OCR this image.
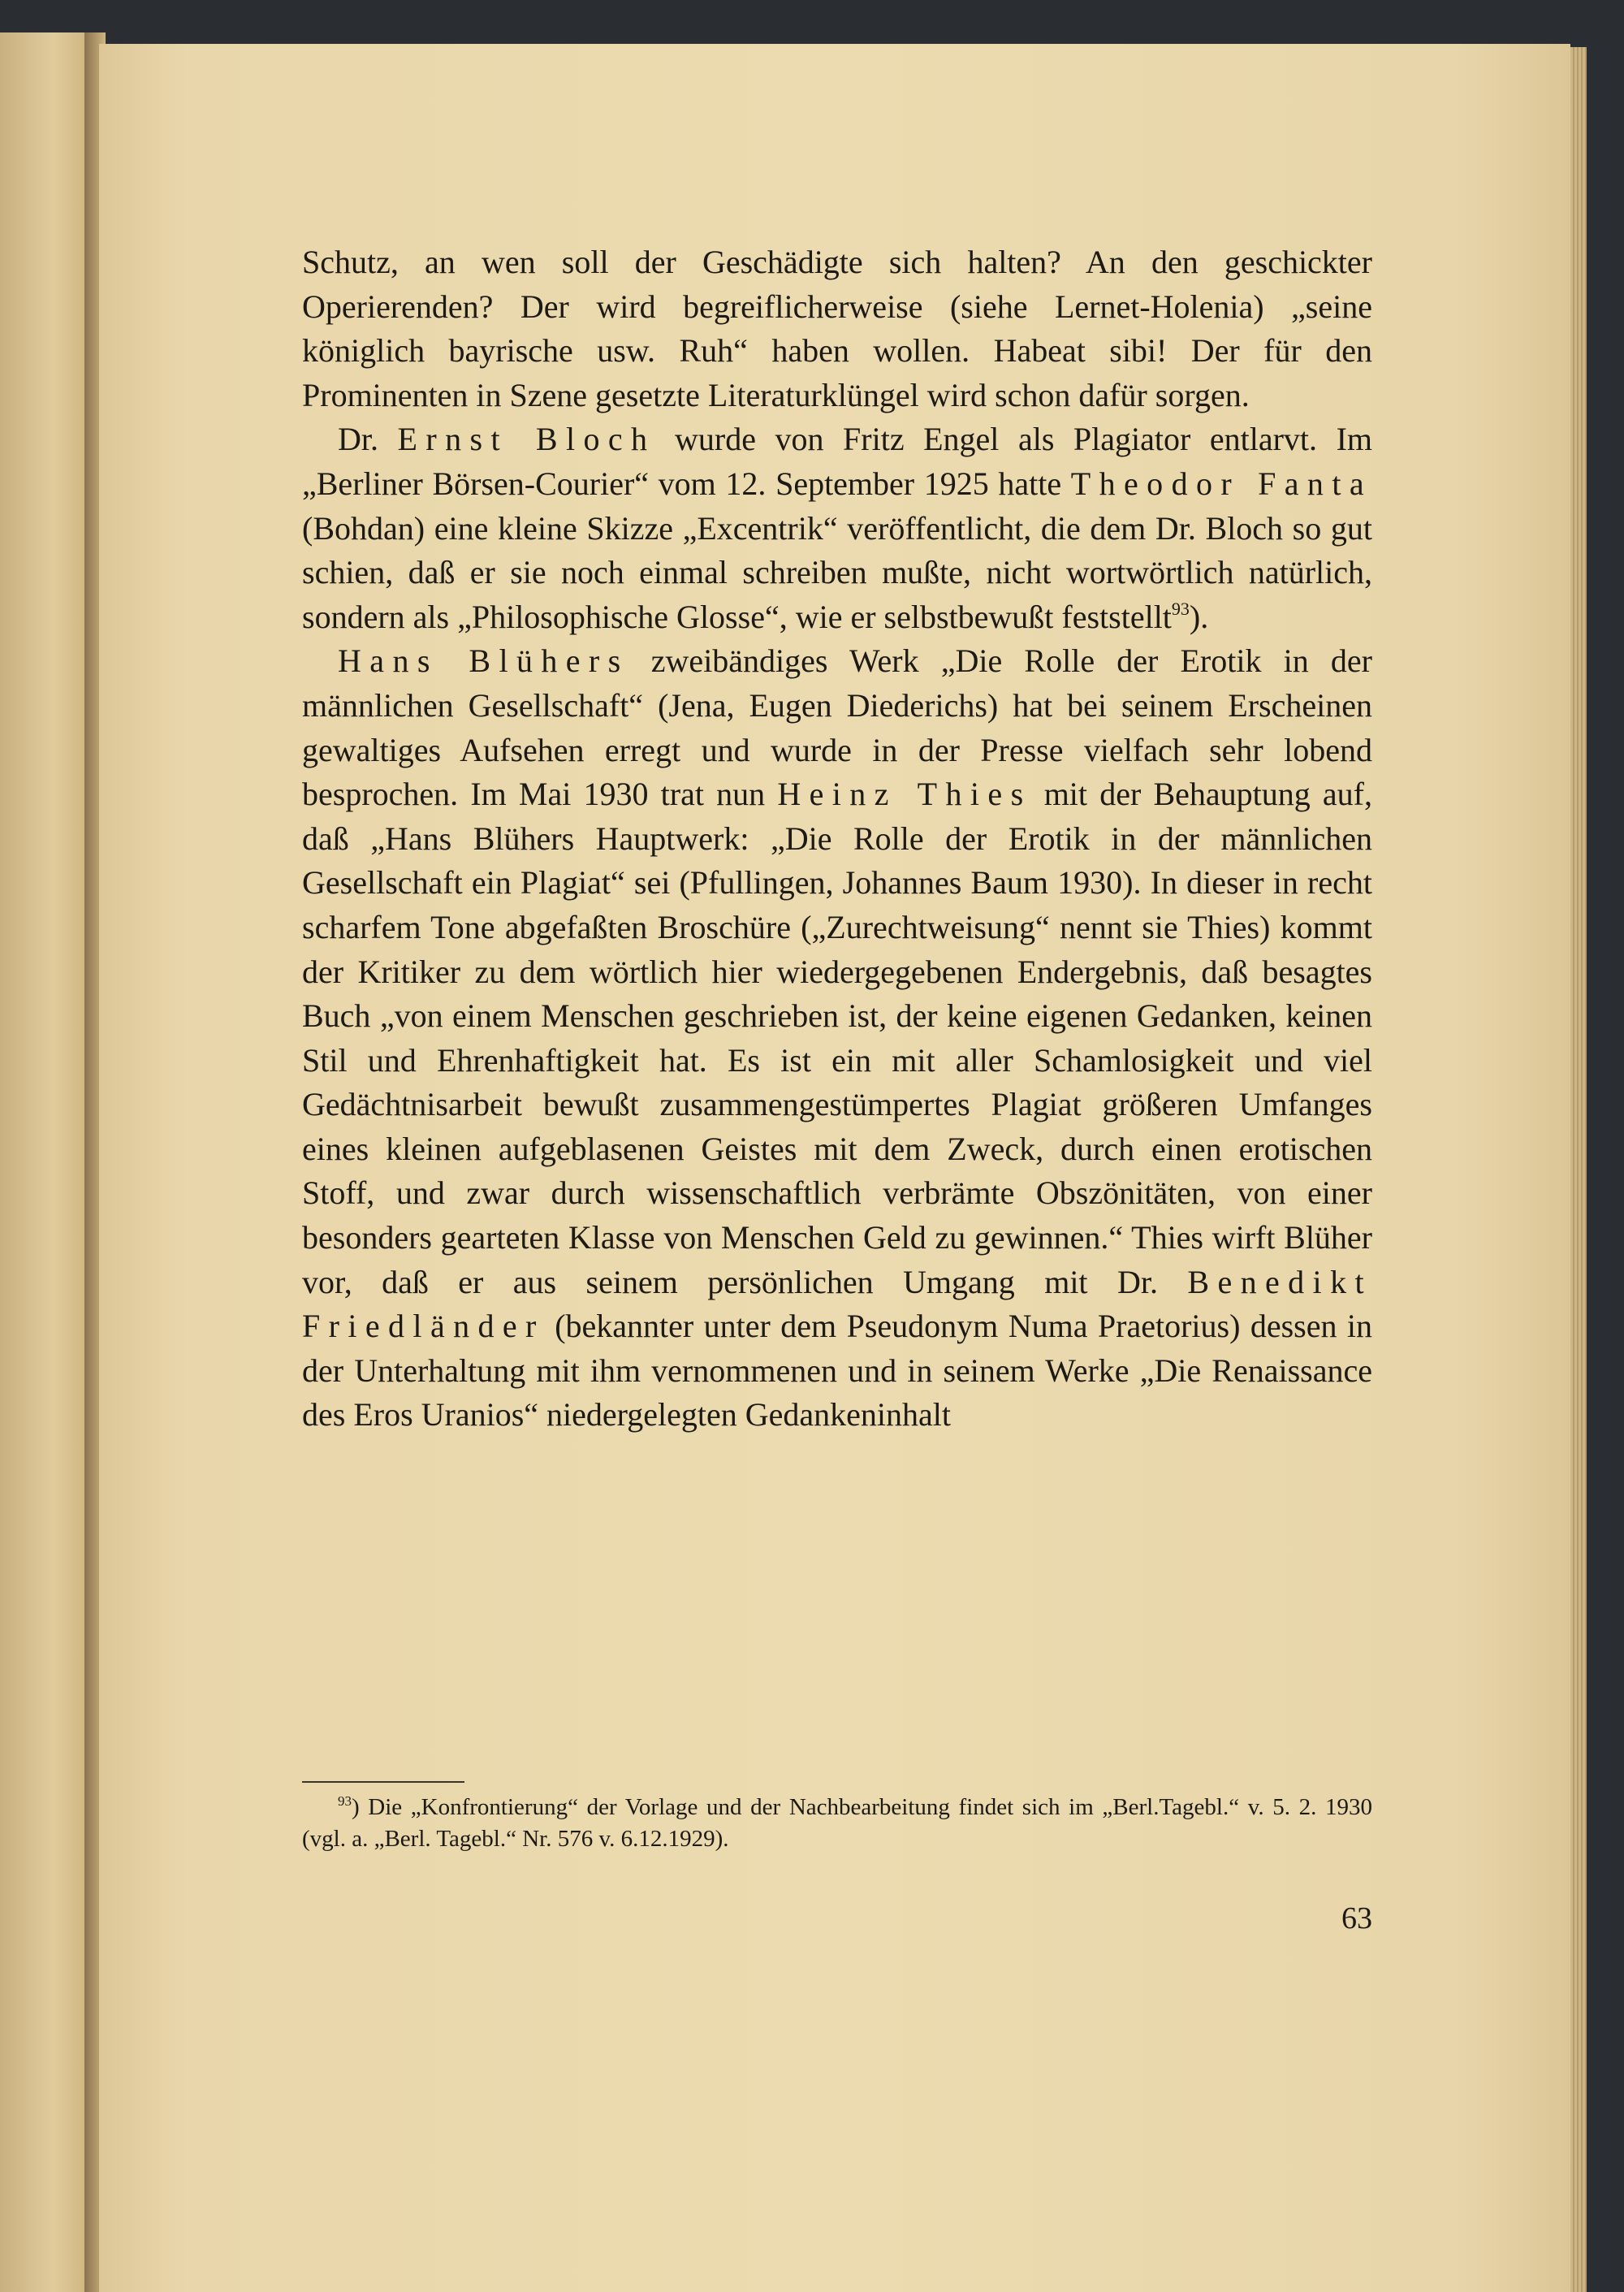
Schutz, an wen soll der Geschädigte sich halten? An den geschickter Operierenden? Der wird begreiflicherweise (siehe Lernet-Holenia) „seine königlich bayrische usw. Ruh“ haben wollen. Habeat sibi! Der für den Prominenten in Szene gesetzte Literaturklüngel wird schon dafür sorgen.

Dr. Ernst Bloch wurde von Fritz Engel als Plagiator entlarvt. Im „Berliner Börsen-Courier“ vom 12. September 1925 hatte Theodor Fanta (Bohdan) eine kleine Skizze „Excentrik“ veröffentlicht, die dem Dr. Bloch so gut schien, daß er sie noch einmal schreiben mußte, nicht wortwörtlich natürlich, sondern als „Philosophische Glosse“, wie er selbstbewußt feststellt$^{93}$).

Hans Blühers zweibändiges Werk „Die Rolle der Erotik in der männlichen Gesellschaft“ (Jena, Eugen Diederichs) hat bei seinem Erscheinen gewaltiges Aufsehen erregt und wurde in der Presse vielfach sehr lobend besprochen. Im Mai 1930 trat nun Heinz Thies mit der Behauptung auf, daß „Hans Blühers Hauptwerk: „Die Rolle der Erotik in der männlichen Gesellschaft ein Plagiat“ sei (Pfullingen, Johannes Baum 1930). In dieser in recht scharfem Tone abgefaßten Broschüre („Zurechtweisung“ nennt sie Thies) kommt der Kritiker zu dem wörtlich hier wiedergegebenen Endergebnis, daß besagtes Buch „von einem Menschen geschrieben ist, der keine eigenen Gedanken, keinen Stil und Ehrenhaftigkeit hat. Es ist ein mit aller Schamlosigkeit und viel Gedächtnisarbeit bewußt zusammengestümpertes Plagiat größeren Umfanges eines kleinen aufgeblasenen Geistes mit dem Zweck, durch einen erotischen Stoff, und zwar durch wissenschaftlich verbrämte Obszönitäten, von einer besonders gearteten Klasse von Menschen Geld zu gewinnen.“ Thies wirft Blüher vor, daß er aus seinem persönlichen Umgang mit Dr. Benedikt Friedländer (bekannter unter dem Pseudonym Numa Praetorius) dessen in der Unterhaltung mit ihm vernommenen und in seinem Werke „Die Renaissance des Eros Uranios“ niedergelegten Gedankeninhalt

$^{93}$) Die „Konfrontierung“ der Vorlage und der Nachbearbeitung findet sich im „Berl.Tagebl.“ v. 5. 2. 1930 (vgl. a. „Berl. Tagebl.“ Nr. 576 v. 6.12.1929).

63
